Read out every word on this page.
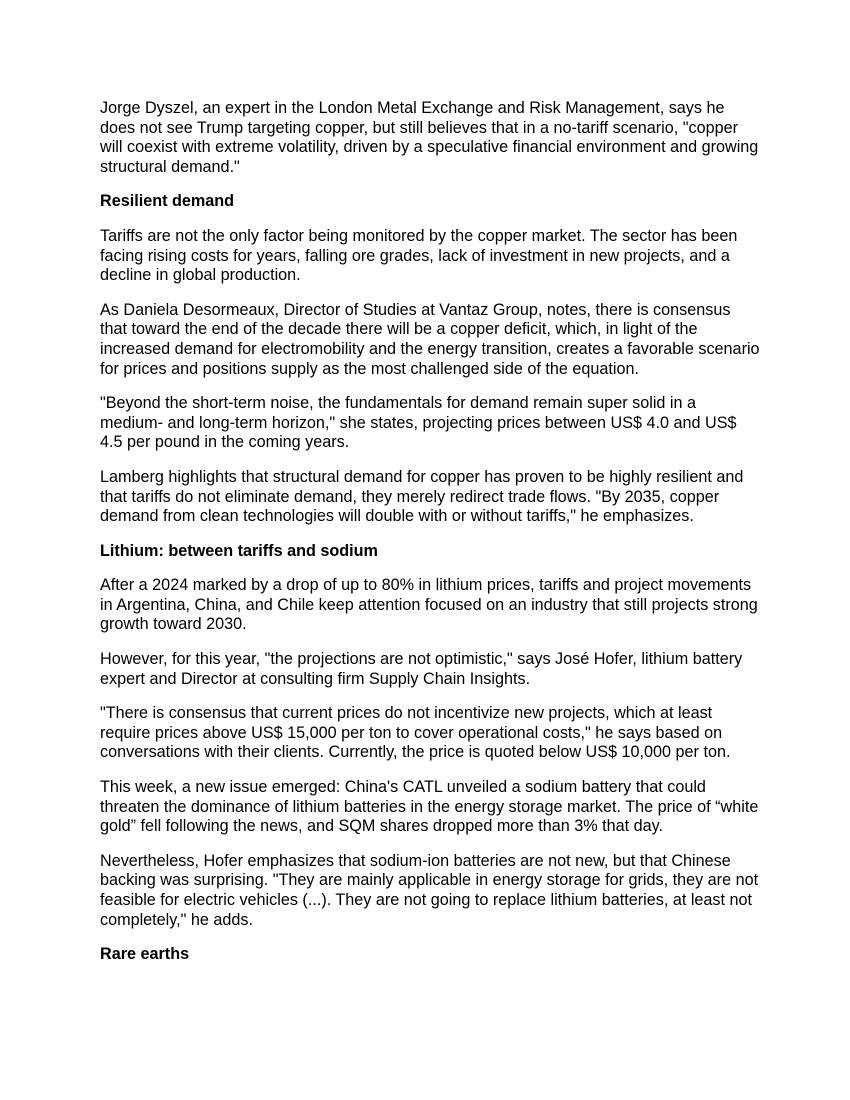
Jorge Dyszel, an expert in the London Metal Exchange and Risk Management, says he does not see Trump targeting copper, but still believes that in a no-tariff scenario, "copper will coexist with extreme volatility, driven by a speculative financial environment and growing structural demand."

Resilient demand

Tariffs are not the only factor being monitored by the copper market. The sector has been facing rising costs for years, falling ore grades, lack of investment in new projects, and a decline in global production.

As Daniela Desormeaux, Director of Studies at Vantaz Group, notes, there is consensus that toward the end of the decade there will be a copper deficit, which, in light of the increased demand for electromobility and the energy transition, creates a favorable scenario for prices and positions supply as the most challenged side of the equation.

"Beyond the short-term noise, the fundamentals for demand remain super solid in a medium- and long-term horizon," she states, projecting prices between US$ 4.0 and US$ 4.5 per pound in the coming years.

Lamberg highlights that structural demand for copper has proven to be highly resilient and that tariffs do not eliminate demand, they merely redirect trade flows. "By 2035, copper demand from clean technologies will double with or without tariffs," he emphasizes.

Lithium: between tariffs and sodium

After a 2024 marked by a drop of up to 80% in lithium prices, tariffs and project movements in Argentina, China, and Chile keep attention focused on an industry that still projects strong growth toward 2030.

However, for this year, "the projections are not optimistic," says José Hofer, lithium battery expert and Director at consulting firm Supply Chain Insights.

"There is consensus that current prices do not incentivize new projects, which at least require prices above US$ 15,000 per ton to cover operational costs," he says based on conversations with their clients. Currently, the price is quoted below US$ 10,000 per ton.

This week, a new issue emerged: China's CATL unveiled a sodium battery that could threaten the dominance of lithium batteries in the energy storage market. The price of “white gold” fell following the news, and SQM shares dropped more than 3% that day.

Nevertheless, Hofer emphasizes that sodium-ion batteries are not new, but that Chinese backing was surprising. "They are mainly applicable in energy storage for grids, they are not feasible for electric vehicles (...). They are not going to replace lithium batteries, at least not completely," he adds.

Rare earths
